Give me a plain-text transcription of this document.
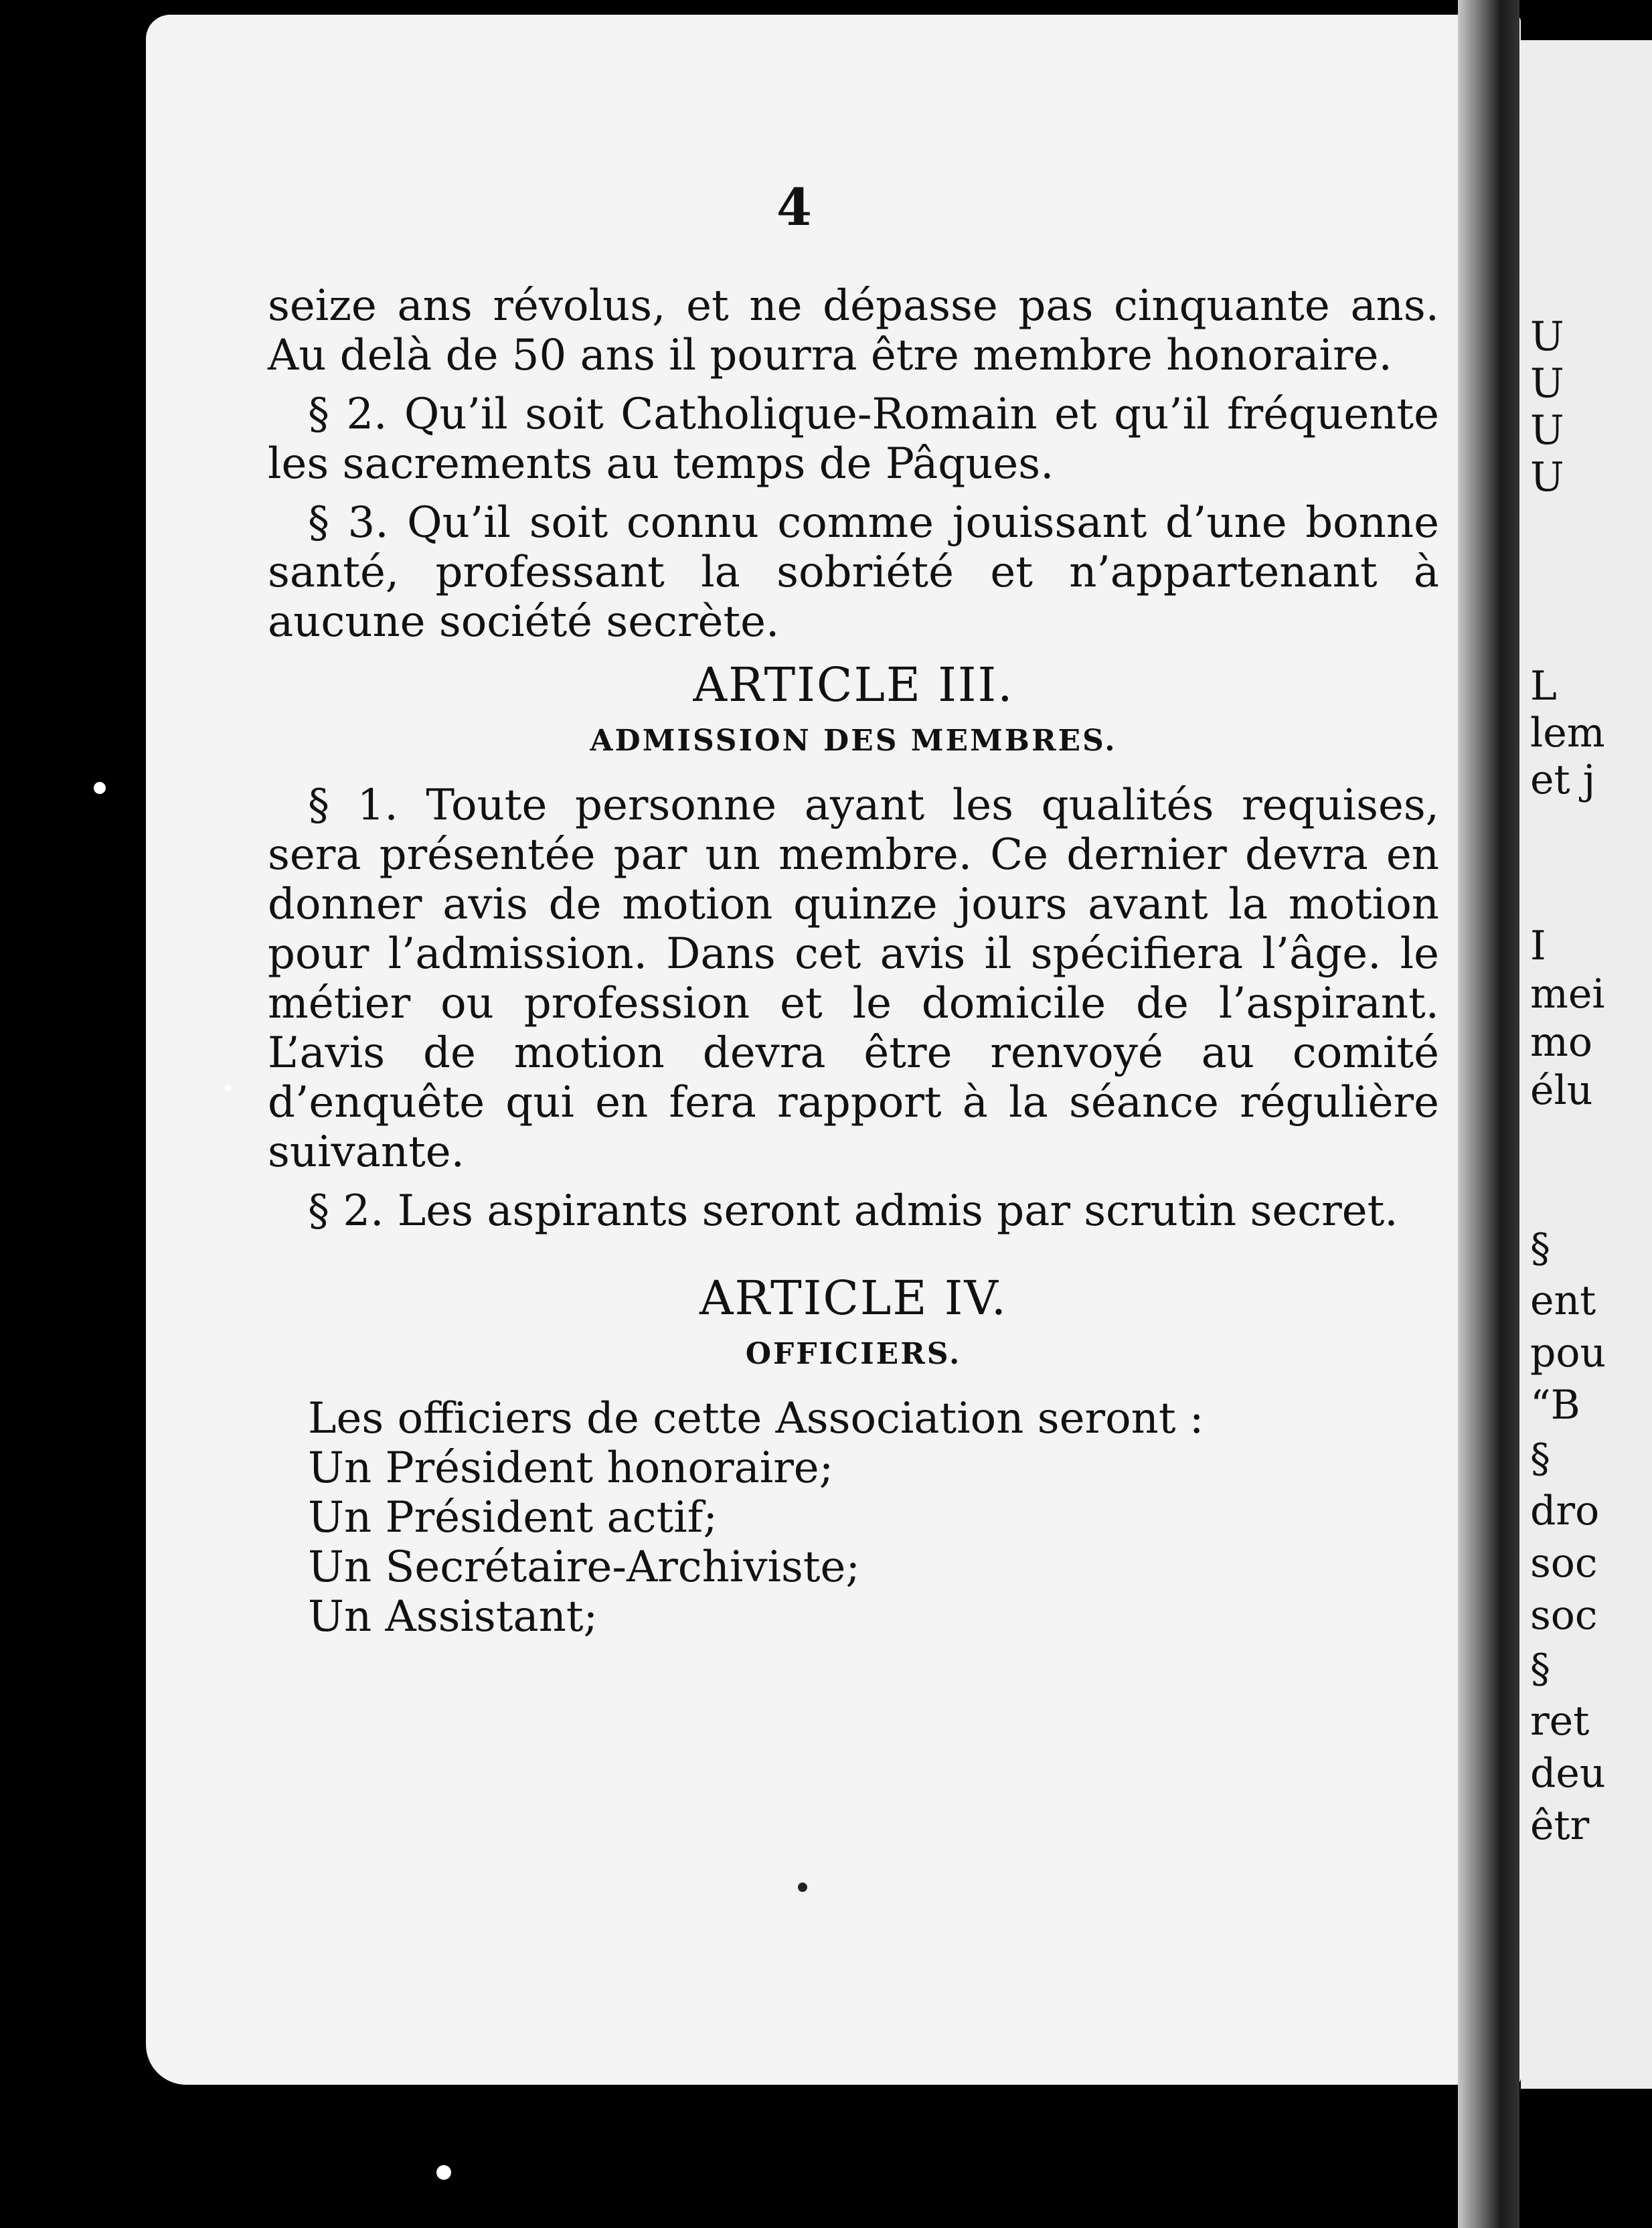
U
U
U
U
L
lem
et j
I
mei
mo
élu
§
ent
pou
“B
§
dro
soc
soc
§
ret
deu
êtr
4

seize ans révolus, et ne dépasse pas cinquante ans. Au delà de 50 ans il pourra être membre honoraire.

§ 2. Qu’il soit Catholique-Romain et qu’il fréquente les sacrements au temps de Pâques.

§ 3. Qu’il soit connu comme jouissant d’une bonne santé, professant la sobriété et n’appartenant à aucune société secrète.

ARTICLE III.

ADMISSION DES MEMBRES.

§ 1. Toute personne ayant les qualités requises, sera présentée par un membre. Ce dernier devra en donner avis de motion quinze jours avant la motion pour l’admission. Dans cet avis il spécifiera l’âge. le métier ou profession et le domicile de l’aspirant. L’avis de motion devra être renvoyé au comité d’enquête qui en fera rapport à la séance régulière suivante.

§ 2. Les aspirants seront admis par scrutin secret.

ARTICLE IV.

OFFICIERS.

Les officiers de cette Association seront :

Un Président honoraire;

Un Président actif;

Un Secrétaire-Archiviste;

Un Assistant;
